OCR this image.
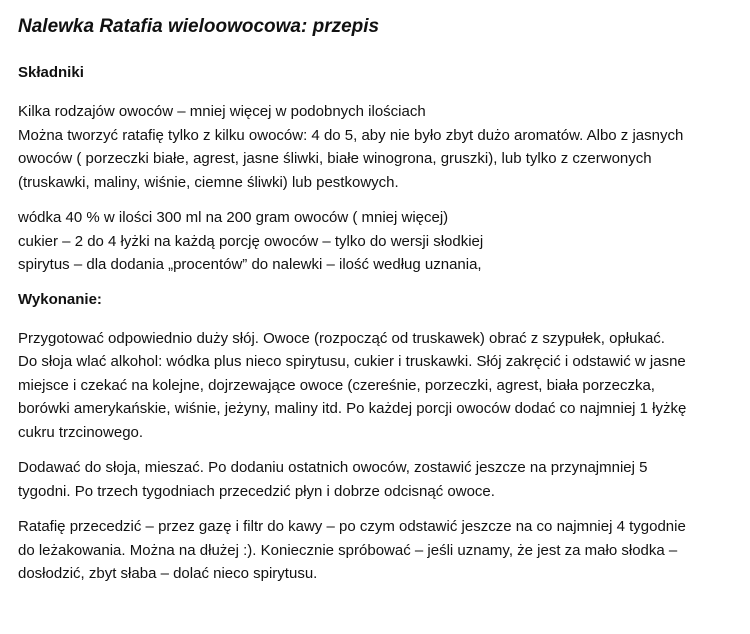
Nalewka Ratafia wieloowocowa: przepis
Składniki
Kilka rodzajów owoców – mniej więcej w podobnych ilościach
Można tworzyć ratafię tylko z kilku owoców: 4 do 5, aby nie było zbyt dużo aromatów. Albo z jasnych
owoców ( porzeczki białe, agrest, jasne śliwki, białe winogrona, gruszki), lub tylko z czerwonych
(truskawki, maliny, wiśnie, ciemne śliwki) lub pestkowych.
wódka 40 % w ilości 300 ml na 200 gram owoców ( mniej więcej)
cukier – 2 do 4 łyżki na każdą porcję owoców – tylko do wersji słodkiej
spirytus – dla dodania „procentów” do nalewki – ilość według uznania,
Wykonanie:
Przygotować odpowiednio duży słój. Owoce (rozpocząć od truskawek) obrać z szypułek, opłukać.
Do słoja wlać alkohol: wódka plus nieco spirytusu, cukier i truskawki. Słój zakręcić i odstawić w jasne
miejsce i czekać na kolejne, dojrzewające owoce (czereśnie, porzeczki, agrest, biała porzeczka,
borówki amerykańskie, wiśnie, jeżyny, maliny itd. Po każdej porcji owoców dodać co najmniej 1 łyżkę
cukru trzcinowego.
Dodawać do słoja, mieszać. Po dodaniu ostatnich owoców, zostawić jeszcze na przynajmniej 5
tygodni. Po trzech tygodniach przecedzić płyn i dobrze odcisnąć owoce.
Ratafię przecedzić – przez gazę i filtr do kawy – po czym odstawić jeszcze na co najmniej 4 tygodnie
do leżakowania. Można na dłużej :). Koniecznie spróbować – jeśli uznamy, że jest za mało słodka –
dosłodzić, zbyt słaba – dolać nieco spirytusu.
